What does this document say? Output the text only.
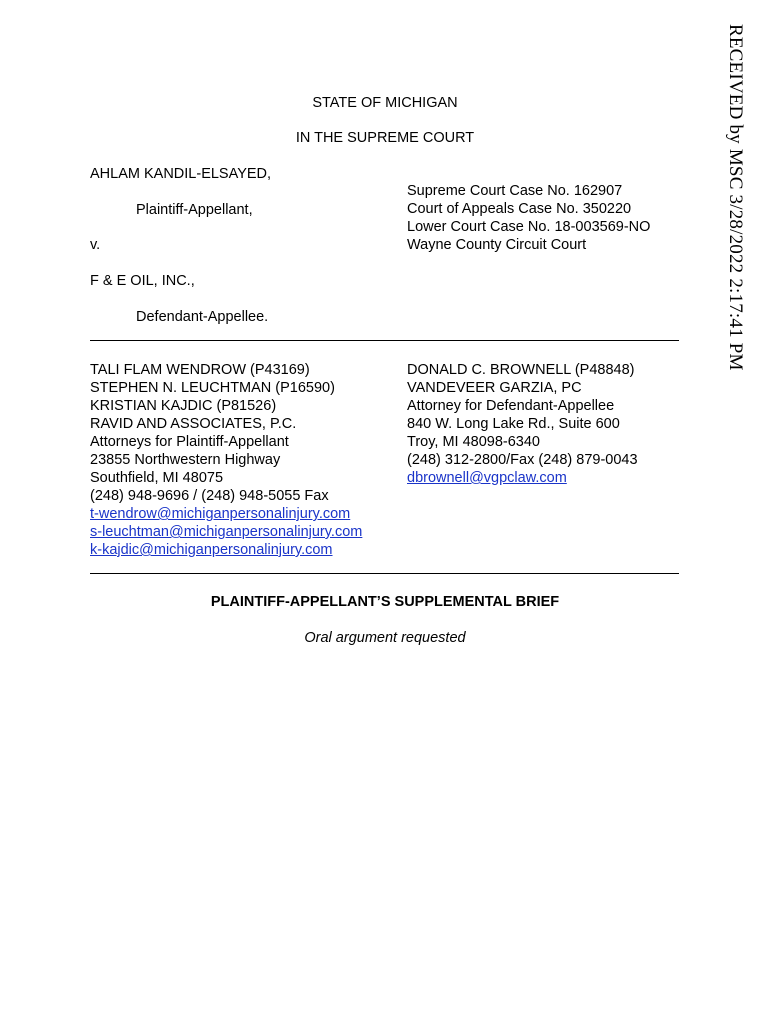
RECEIVED by MSC 3/28/2022 2:17:41 PM
STATE OF MICHIGAN
IN THE SUPREME COURT
AHLAM KANDIL-ELSAYED,
Plaintiff-Appellant,
v.
F & E OIL, INC.,
Defendant-Appellee.
Supreme Court Case No. 162907
Court of Appeals Case No. 350220
Lower Court Case No. 18-003569-NO
Wayne County Circuit Court
TALI FLAM WENDROW (P43169)
STEPHEN N. LEUCHTMAN (P16590)
KRISTIAN KAJDIC (P81526)
RAVID AND ASSOCIATES, P.C.
Attorneys for Plaintiff-Appellant
23855 Northwestern Highway
Southfield, MI 48075
(248) 948-9696 / (248) 948-5055 Fax
t-wendrow@michiganpersonalinjury.com
s-leuchtman@michiganpersonalinjury.com
k-kajdic@michiganpersonalinjury.com
DONALD C. BROWNELL (P48848)
VANDEVEER GARZIA, PC
Attorney for Defendant-Appellee
840 W. Long Lake Rd., Suite 600
Troy, MI 48098-6340
(248) 312-2800/Fax (248) 879-0043
dbrownell@vgpclaw.com
PLAINTIFF-APPELLANT’S SUPPLEMENTAL BRIEF
Oral argument requested
